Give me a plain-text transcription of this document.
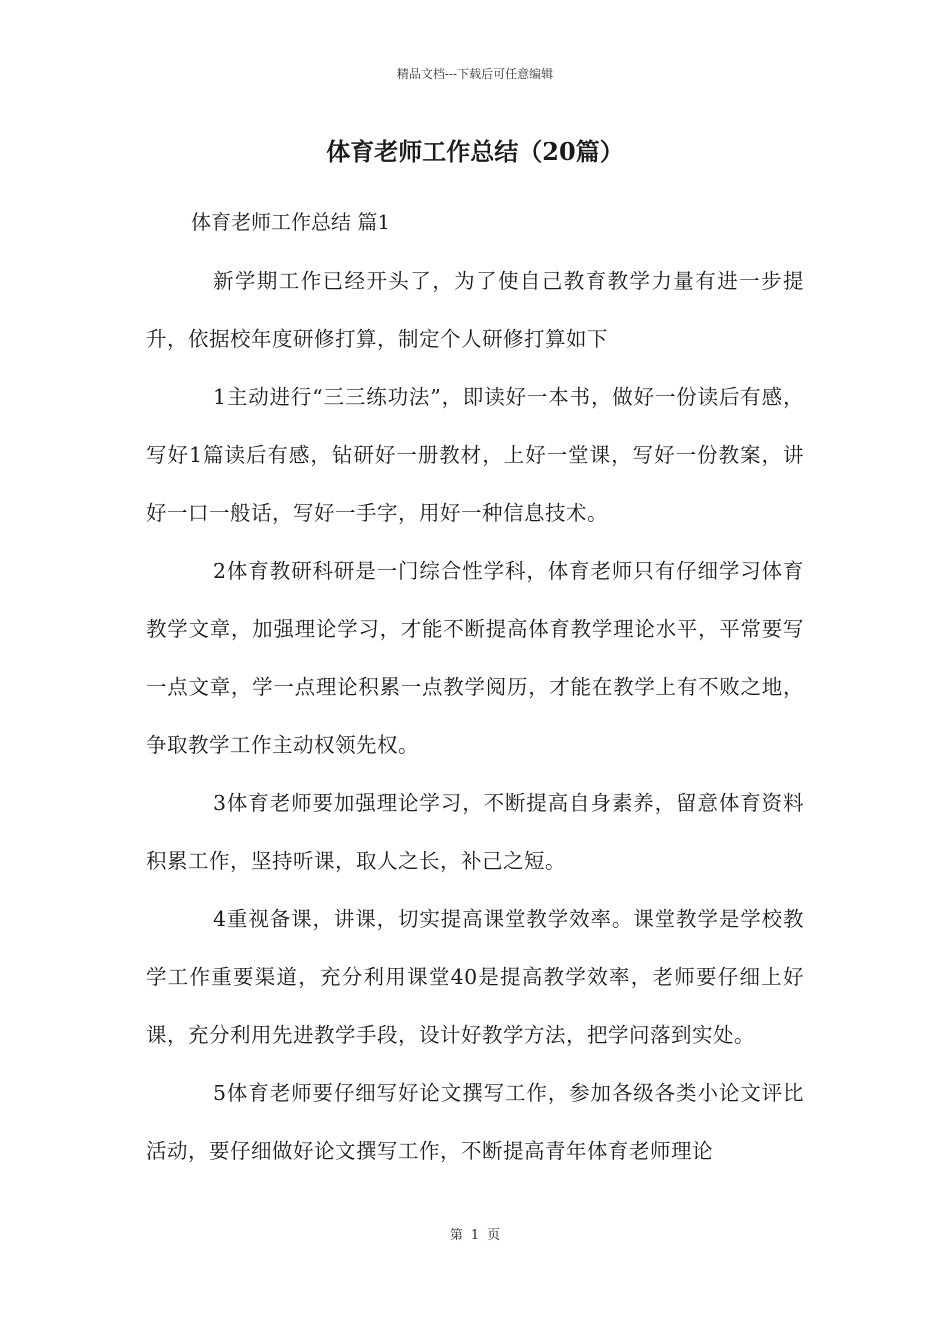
精品文档---下载后可任意编辑
体育老师工作总结（20篇）
体育老师工作总结 篇1

新学期工作已经开头了，为了使自己教育教学力量有进一步提升，依据校年度研修打算，制定个人研修打算如下

1主动进行“三三练功法”，即读好一本书，做好一份读后有感，写好1篇读后有感，钻研好一册教材，上好一堂课，写好一份教案，讲好一口一般话，写好一手字，用好一种信息技术。

2体育教研科研是一门综合性学科，体育老师只有仔细学习体育教学文章，加强理论学习，才能不断提高体育教学理论水平，平常要写一点文章，学一点理论积累一点教学阅历，才能在教学上有不败之地，争取教学工作主动权领先权。

3体育老师要加强理论学习，不断提高自身素养，留意体育资料积累工作，坚持听课，取人之长，补己之短。

4重视备课，讲课，切实提高课堂教学效率。课堂教学是学校教学工作重要渠道，充分利用课堂40是提高教学效率，老师要仔细上好课，充分利用先进教学手段，设计好教学方法，把学问落到实处。

5体育老师要仔细写好论文撰写工作，参加各级各类小论文评比活动，要仔细做好论文撰写工作，不断提高青年体育老师理论

第 1 页
